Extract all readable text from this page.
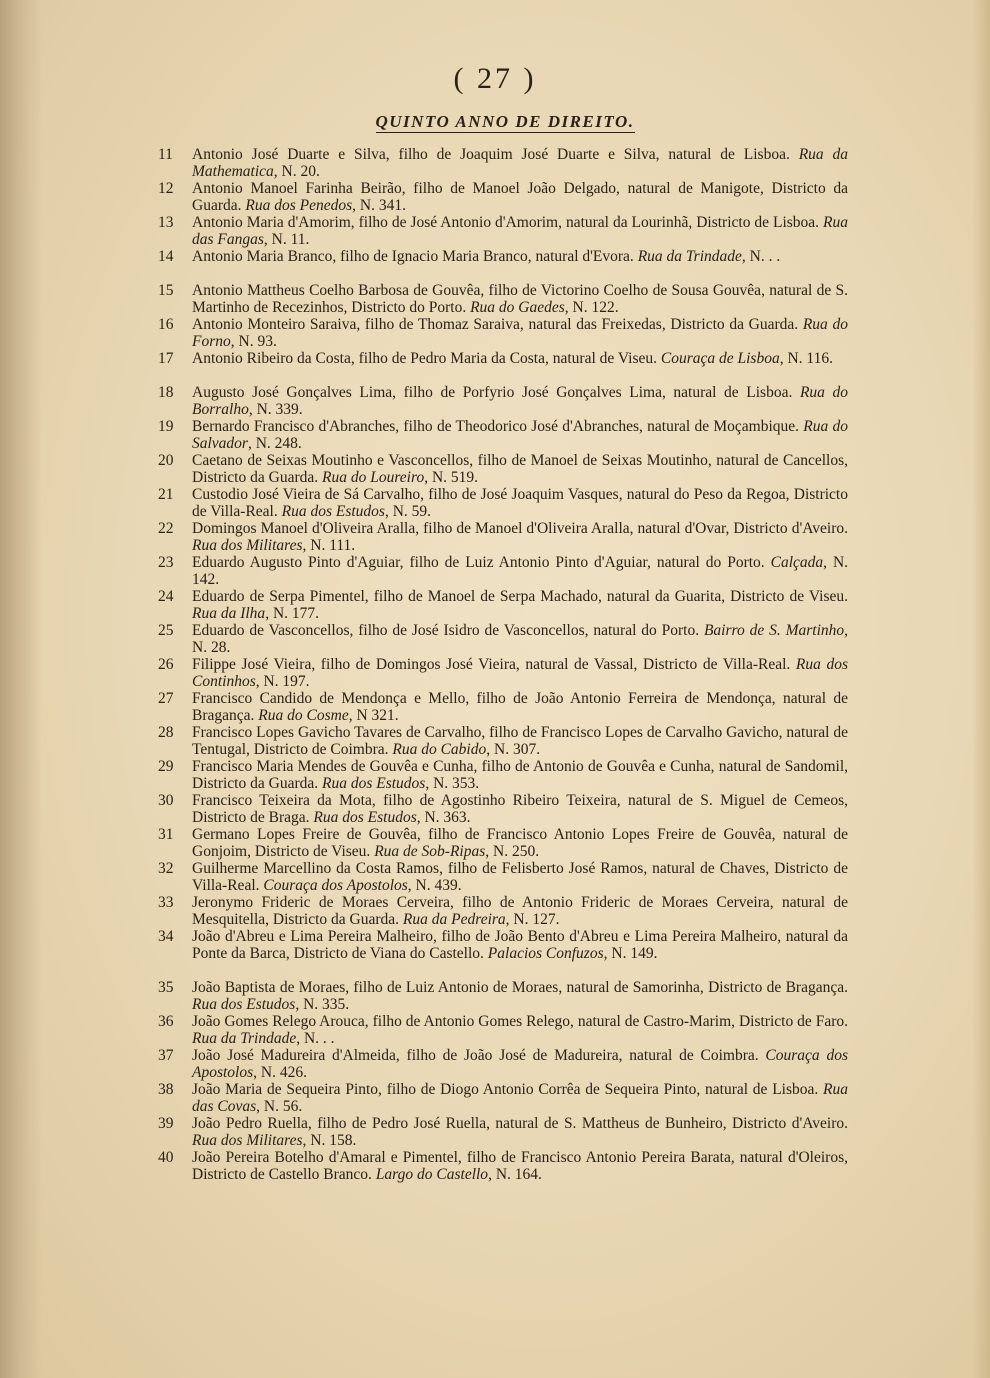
( 27 )
QUINTO ANNO DE DIREITO.
11	Antonio José Duarte e Silva, filho de Joaquim José Duarte e Silva, natural de Lisboa. Rua da Mathematica, N. 20.
12	Antonio Manoel Farinha Beirão, filho de Manoel João Delgado, natural de Manigote, Districto da Guarda. Rua dos Penedos, N. 341.
13	Antonio Maria d'Amorim, filho de José Antonio d'Amorim, natural da Lourinhã, Districto de Lisboa. Rua das Fangas, N. 11.
14	Antonio Maria Branco, filho de Ignacio Maria Branco, natural d'Evora. Rua da Trindade, N. . .
15	Antonio Mattheus Coelho Barbosa de Gouvêa, filho de Victorino Coelho de Sousa Gouvêa, natural de S. Martinho de Recezinhos, Districto do Porto. Rua do Gaedes, N. 122.
16	Antonio Monteiro Saraiva, filho de Thomaz Saraiva, natural das Freixedas, Districto da Guarda. Rua do Forno, N. 93.
17	Antonio Ribeiro da Costa, filho de Pedro Maria da Costa, natural de Viseu. Couraça de Lisboa, N. 116.
18	Augusto José Gonçalves Lima, filho de Porfyrio José Gonçalves Lima, natural de Lisboa. Rua do Borralho, N. 339.
19	Bernardo Francisco d'Abranches, filho de Theodorico José d'Abranches, natural de Moçambique. Rua do Salvador, N. 248.
20	Caetano de Seixas Moutinho e Vasconcellos, filho de Manoel de Seixas Moutinho, natural de Cancellos, Districto da Guarda. Rua do Loureiro, N. 519.
21	Custodio José Vieira de Sá Carvalho, filho de José Joaquim Vasques, natural do Peso da Regoa, Districto de Villa-Real. Rua dos Estudos, N. 59.
22	Domingos Manoel d'Oliveira Aralla, filho de Manoel d'Oliveira Aralla, natural d'Ovar, Districto d'Aveiro. Rua dos Militares, N. 111.
23	Eduardo Augusto Pinto d'Aguiar, filho de Luiz Antonio Pinto d'Aguiar, natural do Porto. Calçada, N. 142.
24	Eduardo de Serpa Pimentel, filho de Manoel de Serpa Machado, natural da Guarita, Districto de Viseu. Rua da Ilha, N. 177.
25	Eduardo de Vasconcellos, filho de José Isidro de Vasconcellos, natural do Porto. Bairro de S. Martinho, N. 28.
26	Filippe José Vieira, filho de Domingos José Vieira, natural de Vassal, Districto de Villa-Real. Rua dos Continhos, N. 197.
27	Francisco Candido de Mendonça e Mello, filho de João Antonio Ferreira de Mendonça, natural de Bragança. Rua do Cosme, N 321.
28	Francisco Lopes Gavicho Tavares de Carvalho, filho de Francisco Lopes de Carvalho Gavicho, natural de Tentugal, Districto de Coimbra. Rua do Cabido, N. 307.
29	Francisco Maria Mendes de Gouvêa e Cunha, filho de Antonio de Gouvêa e Cunha, natural de Sandomil, Districto da Guarda. Rua dos Estudos, N. 353.
30	Francisco Teixeira da Mota, filho de Agostinho Ribeiro Teixeira, natural de S. Miguel de Cemeos, Districto de Braga. Rua dos Estudos, N. 363.
31	Germano Lopes Freire de Gouvêa, filho de Francisco Antonio Lopes Freire de Gouvêa, natural de Gonjoim, Districto de Viseu. Rua de Sob-Ripas, N. 250.
32	Guilherme Marcellino da Costa Ramos, filho de Felisberto José Ramos, natural de Chaves, Districto de Villa-Real. Couraça dos Apostolos, N. 439.
33	Jeronymo Frideric de Moraes Cerveira, filho de Antonio Frideric de Moraes Cerveira, natural de Mesquitella, Districto da Guarda. Rua da Pedreira, N. 127.
34	João d'Abreu e Lima Pereira Malheiro, filho de João Bento d'Abreu e Lima Pereira Malheiro, natural da Ponte da Barca, Districto de Viana do Castello. Palacios Confuzos, N. 149.
35	João Baptista de Moraes, filho de Luiz Antonio de Moraes, natural de Samorinha, Districto de Bragança. Rua dos Estudos, N. 335.
36	João Gomes Relego Arouca, filho de Antonio Gomes Relego, natural de Castro-Marim, Districto de Faro. Rua da Trindade, N. . .
37	João José Madureira d'Almeida, filho de João José de Madureira, natural de Coimbra. Couraça dos Apostolos, N. 426.
38	João Maria de Sequeira Pinto, filho de Diogo Antonio Corrêa de Sequeira Pinto, natural de Lisboa. Rua das Covas, N. 56.
39	João Pedro Ruella, filho de Pedro José Ruella, natural de S. Mattheus de Bunheiro, Districto d'Aveiro. Rua dos Militares, N. 158.
40	João Pereira Botelho d'Amaral e Pimentel, filho de Francisco Antonio Pereira Barata, natural d'Oleiros, Districto de Castello Branco. Largo do Castello, N. 164.
